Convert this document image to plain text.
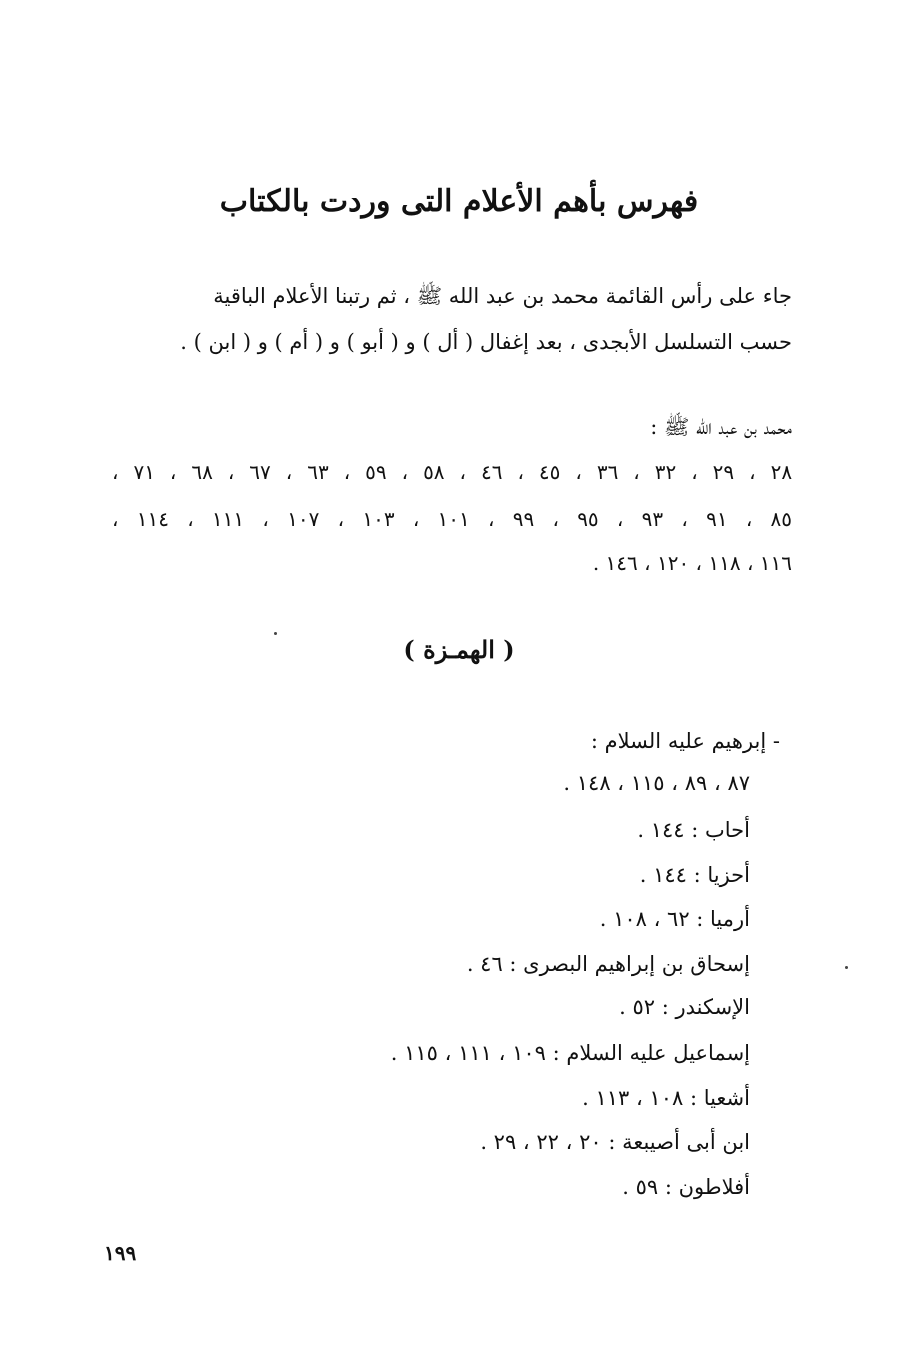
فهرس بأهم الأعلام التى وردت بالكتاب
جاء على رأس القائمة محمد بن عبد الله ﷺ ، ثم رتبنا الأعلام الباقية
حسب التسلسل الأبجدى ، بعد إغفال ( أل ) و ( أبو ) و ( أم ) و ( ابن ) .
محمد بن عبد الله ﷺ :
٢٨ ، ٢٩ ، ٣٢ ، ٣٦ ، ٤٥ ، ٤٦ ، ٥٨ ، ٥٩ ، ٦٣ ، ٦٧ ، ٦٨ ، ٧١ ،
٨٥ ، ٩١ ، ٩٣ ، ٩٥ ، ٩٩ ، ١٠١ ، ١٠٣ ، ١٠٧ ، ١١١ ، ١١٤ ،
١١٦ ، ١١٨ ، ١٢٠ ، ١٤٦ .
( الهمـزة )
- إبرهيم عليه السلام :
٨٧ ، ٨٩ ، ١١٥ ، ١٤٨ .
أحاب : ١٤٤ .
أحزيا : ١٤٤ .
أرميا : ٦٢ ، ١٠٨ .
إسحاق بن إبراهيم البصرى : ٤٦ .
الإسكندر : ٥٢ .
إسماعيل عليه السلام : ١٠٩ ، ١١١ ، ١١٥ .
أشعيا : ١٠٨ ، ١١٣ .
ابن أبى أصيبعة : ٢٠ ، ٢٢ ، ٢٩ .
أفلاطون : ٥٩ .
١٩٩
